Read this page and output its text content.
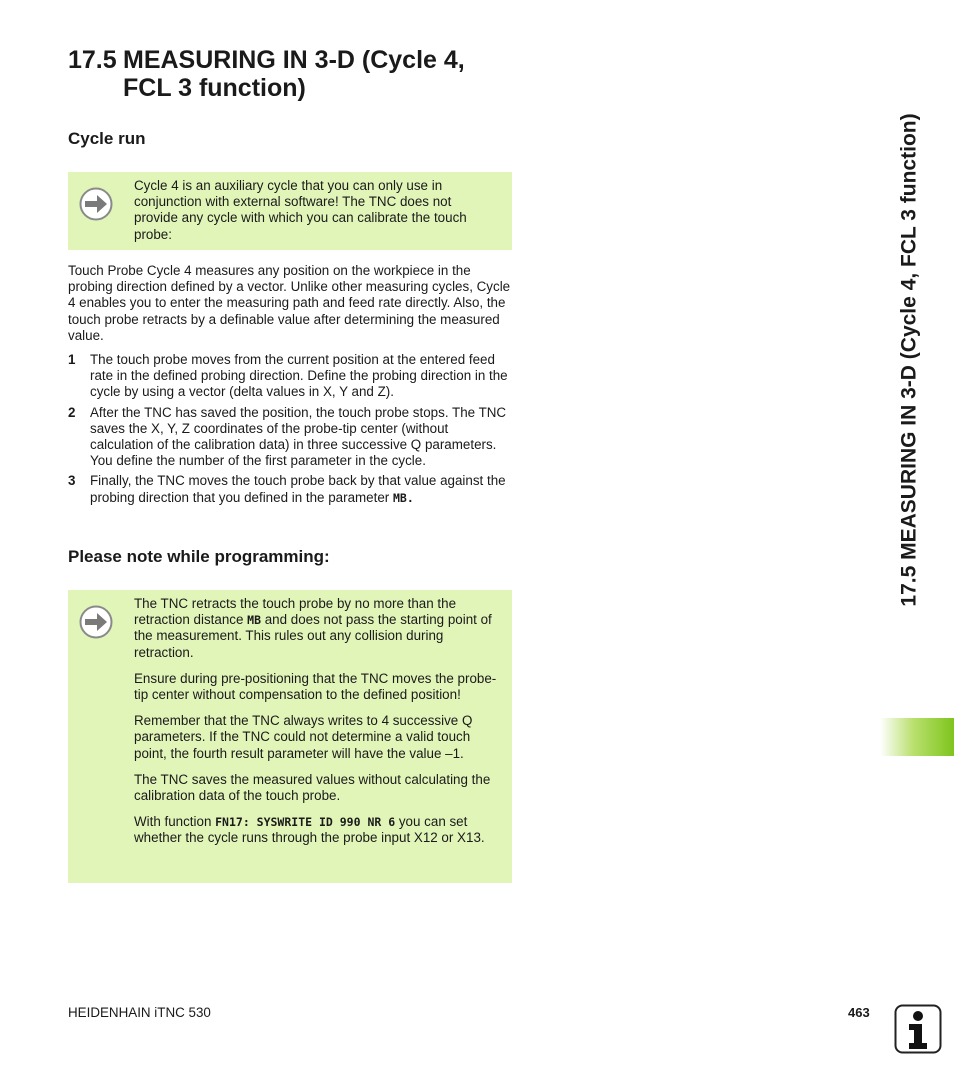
17.5 MEASURING IN 3-D (Cycle 4,
FCL 3 function)
Cycle run

Cycle 4 is an auxiliary cycle that you can only use in conjunction with external software! The TNC does not provide any cycle with which you can calibrate the touch probe:

Touch Probe Cycle 4 measures any position on the workpiece in the probing direction defined by a vector. Unlike other measuring cycles, Cycle 4 enables you to enter the measuring path and feed rate directly. Also, the touch probe retracts by a definable value after determining the measured value.

1 The touch probe moves from the current position at the entered feed rate in the defined probing direction. Define the probing direction in the cycle by using a vector (delta values in X, Y and Z).
2 After the TNC has saved the position, the touch probe stops. The TNC saves the X, Y, Z coordinates of the probe-tip center (without calculation of the calibration data) in three successive Q parameters. You define the number of the first parameter in the cycle.
3 Finally, the TNC moves the touch probe back by that value against the probing direction that you defined in the parameter MB.
Please note while programming:

The TNC retracts the touch probe by no more than the retraction distance MB and does not pass the starting point of the measurement. This rules out any collision during retraction.

Ensure during pre-positioning that the TNC moves the probe-tip center without compensation to the defined position!

Remember that the TNC always writes to 4 successive Q parameters. If the TNC could not determine a valid touch point, the fourth result parameter will have the value –1.

The TNC saves the measured values without calculating the calibration data of the touch probe.

With function FN17: SYSWRITE ID 990 NR 6 you can set whether the cycle runs through the probe input X12 or X13.

17.5 MEASURING IN 3-D (Cycle 4, FCL 3 function)
HEIDENHAIN iTNC 530	463
